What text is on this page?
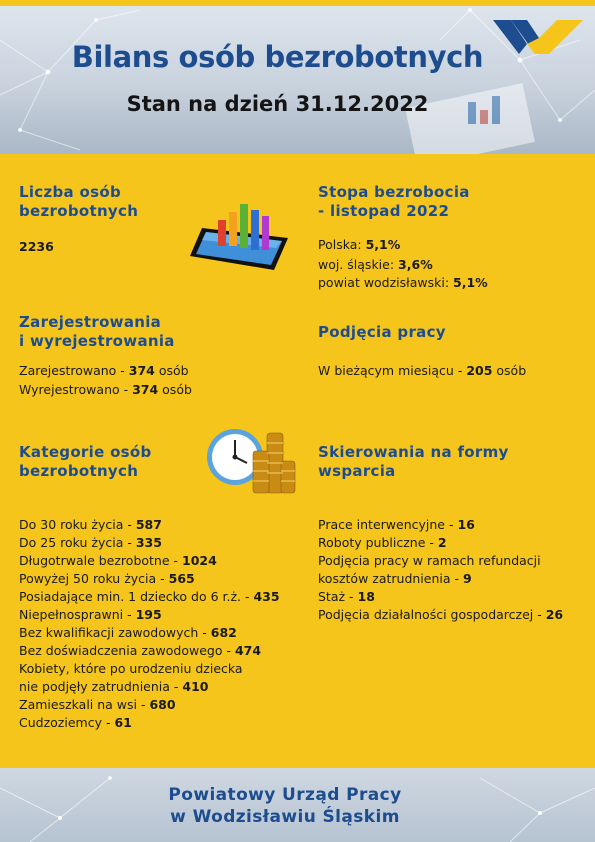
Bilans osób bezrobotnych
Stan na dzień 31.12.2022
Liczba osób
bezrobotnych
2236
Stopa bezrobocia
- listopad 2022
Polska: 5,1%
woj. śląskie: 3,6%
powiat wodzisławski: 5,1%
Zarejestrowania
i wyrejestrowania
Zarejestrowano - 374 osób
Wyrejestrowano - 374 osób
Podjęcia pracy
W bieżącym miesiącu - 205 osób
Kategorie osób
bezrobotnych
Do 30 roku życia - 587
Do 25 roku życia - 335
Długotrwale bezrobotne - 1024
Powyżej 50 roku życia - 565
Posiadające min. 1 dziecko do 6 r.ż. - 435
Niepełnosprawni - 195
Bez kwalifikacji zawodowych - 682
Bez doświadczenia zawodowego - 474
Kobiety, które po urodzeniu dziecka
nie podjęły zatrudnienia - 410
Zamieszkali na wsi - 680
Cudzoziemcy - 61
Skierowania na formy
wsparcia
Prace interwencyjne - 16
Roboty publiczne - 2
Podjęcia pracy w ramach refundacji
kosztów zatrudnienia - 9
Staż - 18
Podjęcia działalności gospodarczej - 26
Powiatowy Urząd Pracy
w Wodzisławiu Śląskim
